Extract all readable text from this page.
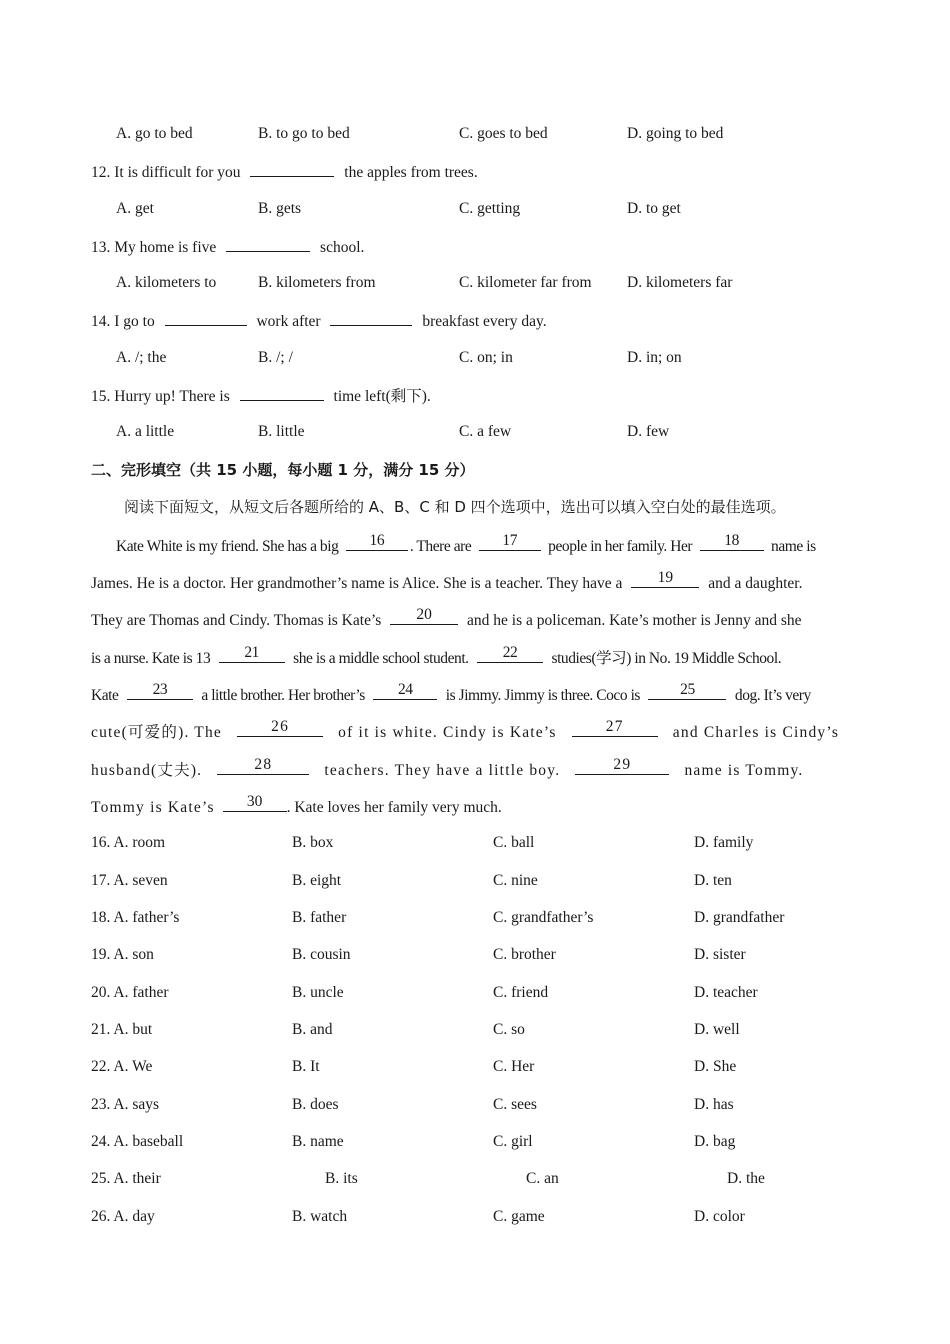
A. go to bed	B. to go to bed	C. goes to bed	D. going to bed
12. It is difficult for you	the apples from trees.
A. get	B. gets	C. getting	D. to get
13. My home is five	school.
A. kilometers to	B. kilometers from	C. kilometer far from D. kilometers far
14. I go to	work after	breakfast every day.
A. /; the	B. /; /	C. on; in	D. in; on
15. Hurry up! There is	time left(剩下).
A. a little	B. little	C. a few	D. few
二、完形填空（共 15 小题，每小题 1 分，满分 15 分）
阅读下面短文，从短文后各题所给的 A、B、C 和 D 四个选项中，选出可以填入空白处的最佳选项。
Kate White is my friend. She has a big	16	. There are	17	people in her family. Her	18	name is
James. He is a doctor. Her grandmother’s name is Alice. She is a teacher. They have a	19	and a daughter.
They are Thomas and Cindy. Thomas is Kate’s	20	and he is a policeman. Kate’s mother is Jenny and she
is a nurse. Kate is 13	21	she is a middle school student.	22	studies(学习) in No. 19 Middle School.
Kate	23	a little brother. Her brother’s	24	is Jimmy. Jimmy is three. Coco is	25	dog. It’s very
cute(可爱的). The	26	of it is white. Cindy is Kate’s	27	and Charles is Cindy’s
husband(丈夫).	28	teachers. They have a little boy.	29	name is Tommy.
Tommy is Kate’s	30	. Kate loves her family very much.
16. A. room	B. box	C. ball	D. family
17. A. seven	B. eight	C. nine	D. ten
18. A. father’s	B. father	C. grandfather’s	D. grandfather
19. A. son	B. cousin	C. brother	D. sister
20. A. father	B. uncle	C. friend	D. teacher
21. A. but	B. and	C. so	D. well
22. A. We	B. It	C. Her	D. She
23. A. says	B. does	C. sees	D. has
24. A. baseball	B. name	C. girl	D. bag
25. A. their	B. its	C. an	D. the
26. A. day	B. watch	C. game	D. color
